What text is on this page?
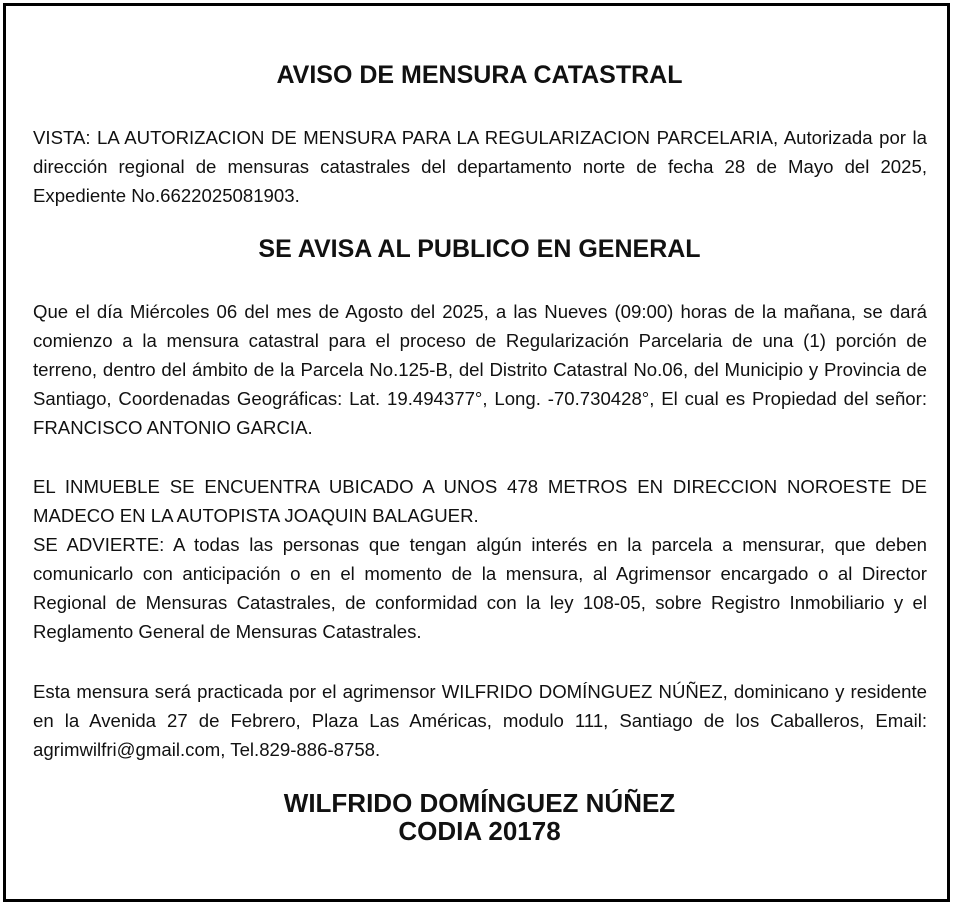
AVISO DE MENSURA CATASTRAL

VISTA: LA AUTORIZACION DE MENSURA PARA LA REGULARIZACION PARCELARIA, Autorizada por la dirección regional de mensuras catastrales del departamento norte de fecha 28 de Mayo del 2025, Expediente No.6622025081903.

SE AVISA AL PUBLICO EN GENERAL

Que el día Miércoles 06 del mes de Agosto del 2025, a las Nueves (09:00) horas de la mañana, se dará comienzo a la mensura catastral para el proceso de Regularización Parcelaria de una (1) porción de terreno, dentro del ámbito de la Parcela No.125-B, del Distrito Catastral No.06, del Municipio y Provincia de Santiago, Coordenadas Geográficas: Lat. 19.494377°, Long. -70.730428°, El cual es Propiedad del señor: FRANCISCO ANTONIO GARCIA.

EL INMUEBLE SE ENCUENTRA UBICADO A UNOS 478 METROS EN DIRECCION NOROESTE DE MADECO EN LA AUTOPISTA JOAQUIN BALAGUER.

SE ADVIERTE: A todas las personas que tengan algún interés en la parcela a mensurar, que deben comunicarlo con anticipación o en el momento de la mensura, al Agrimensor encargado o al Director Regional de Mensuras Catastrales, de conformidad con la ley 108-05, sobre Registro Inmobiliario y el Reglamento General de Mensuras Catastrales.

Esta mensura será practicada por el agrimensor WILFRIDO DOMÍNGUEZ NÚÑEZ, dominicano y residente en la Avenida 27 de Febrero, Plaza Las Américas, modulo 111, Santiago de los Caballeros, Email: agrimwilfri@gmail.com, Tel.829-886-8758.

WILFRIDO DOMÍNGUEZ NÚÑEZ
CODIA 20178
